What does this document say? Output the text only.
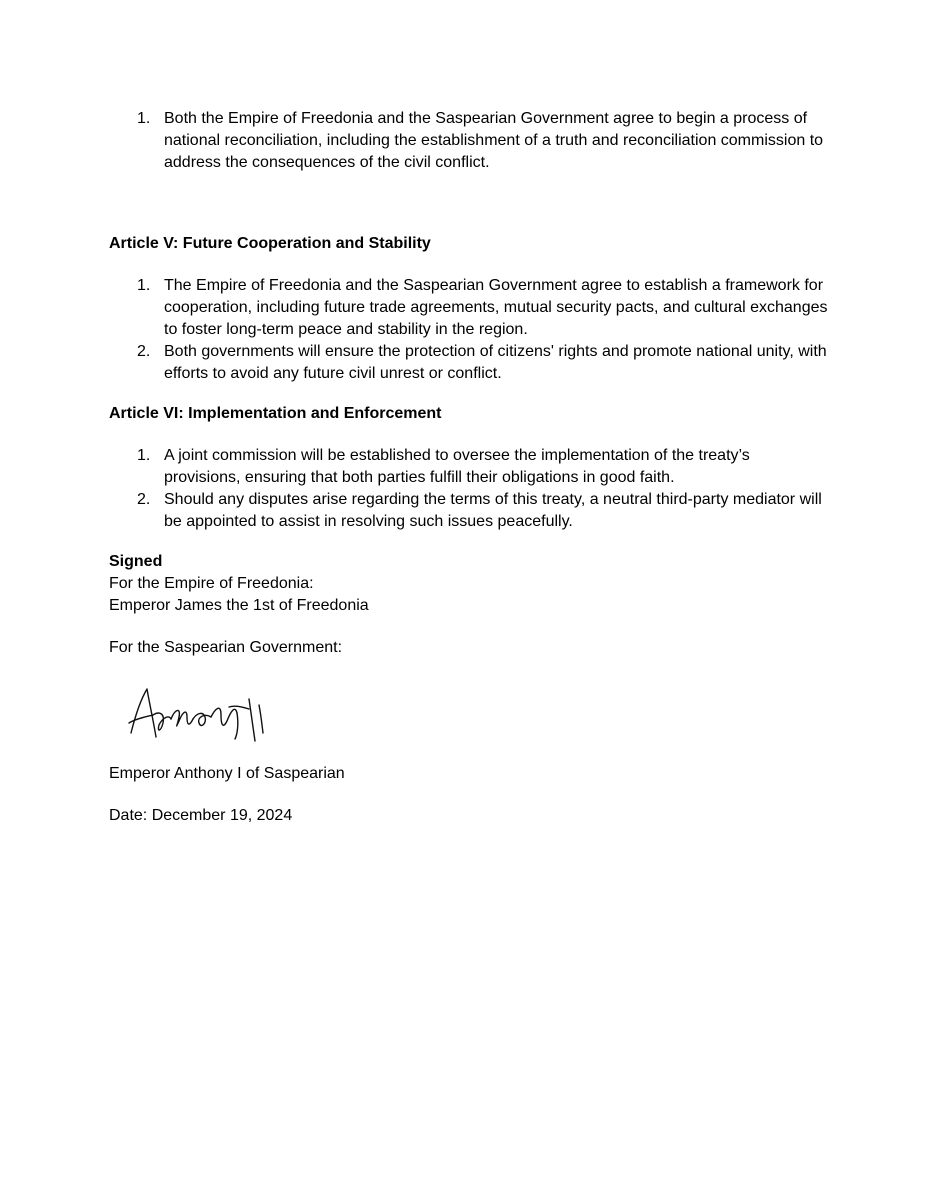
1. Both the Empire of Freedonia and the Saspearian Government agree to begin a process of national reconciliation, including the establishment of a truth and reconciliation commission to address the consequences of the civil conflict.

Article V: Future Cooperation and Stability

1. The Empire of Freedonia and the Saspearian Government agree to establish a framework for cooperation, including future trade agreements, mutual security pacts, and cultural exchanges to foster long-term peace and stability in the region.
2. Both governments will ensure the protection of citizens' rights and promote national unity, with efforts to avoid any future civil unrest or conflict.

Article VI: Implementation and Enforcement

1. A joint commission will be established to oversee the implementation of the treaty’s provisions, ensuring that both parties fulfill their obligations in good faith.
2. Should any disputes arise regarding the terms of this treaty, a neutral third-party mediator will be appointed to assist in resolving such issues peacefully.

Signed

For the Empire of Freedonia:

Emperor James the 1st of Freedonia

For the Saspearian Government:

Emperor Anthony I of Saspearian

Date: December 19, 2024
